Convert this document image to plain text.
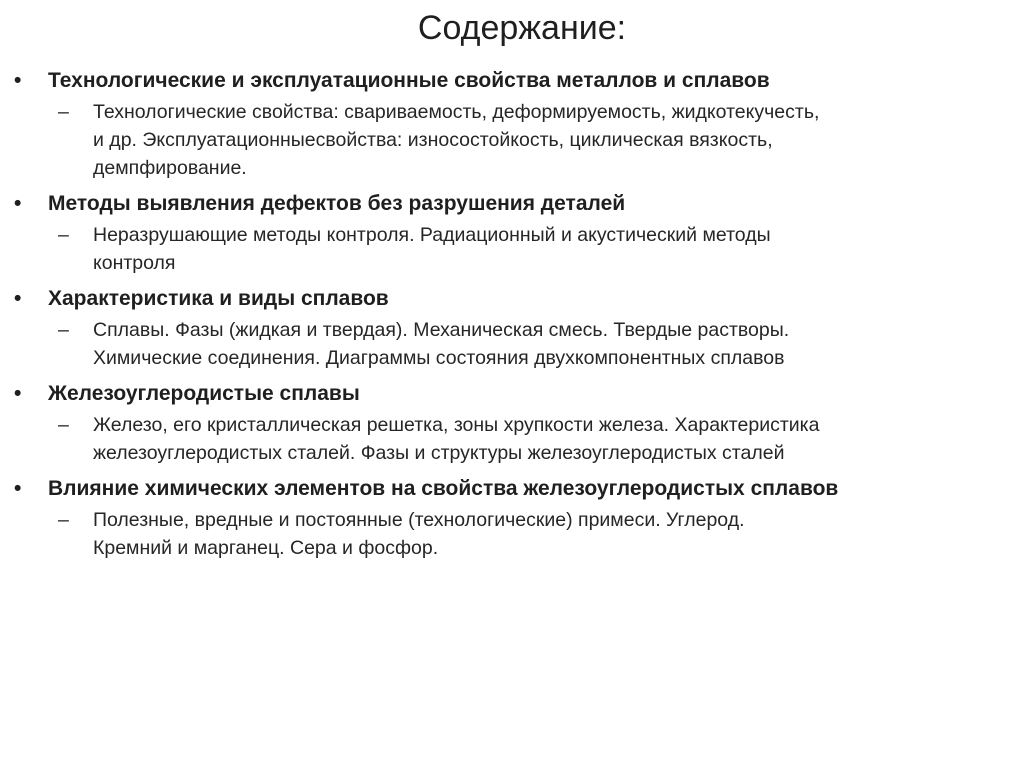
Содержание:
•	Технологические и эксплуатационные свойства металлов и сплавов
–	Технологические свойства: свариваемость, деформируемость, жидкотекучесть,
и др. Эксплуатационныесвойства: износостойкость, циклическая вязкость,
демпфирование.
•	Методы выявления дефектов без разрушения деталей
–	Неразрушающие методы контроля. Радиационный и акустический методы
контроля
•	Характеристика и виды сплавов
–	Сплавы. Фазы (жидкая и твердая). Механическая смесь. Твердые растворы.
Химические соединения. Диаграммы состояния двухкомпонентных сплавов
•	Железоуглеродистые сплавы
–	Железо, его кристаллическая решетка, зоны хрупкости железа. Характеристика
железоуглеродистых сталей. Фазы и структуры железоуглеродистых сталей
•	Влияние химических элементов на свойства железоуглеродистых сплавов
–	Полезные, вредные и постоянные (технологические) примеси. Углерод.
Кремний и марганец. Сера и фосфор.
